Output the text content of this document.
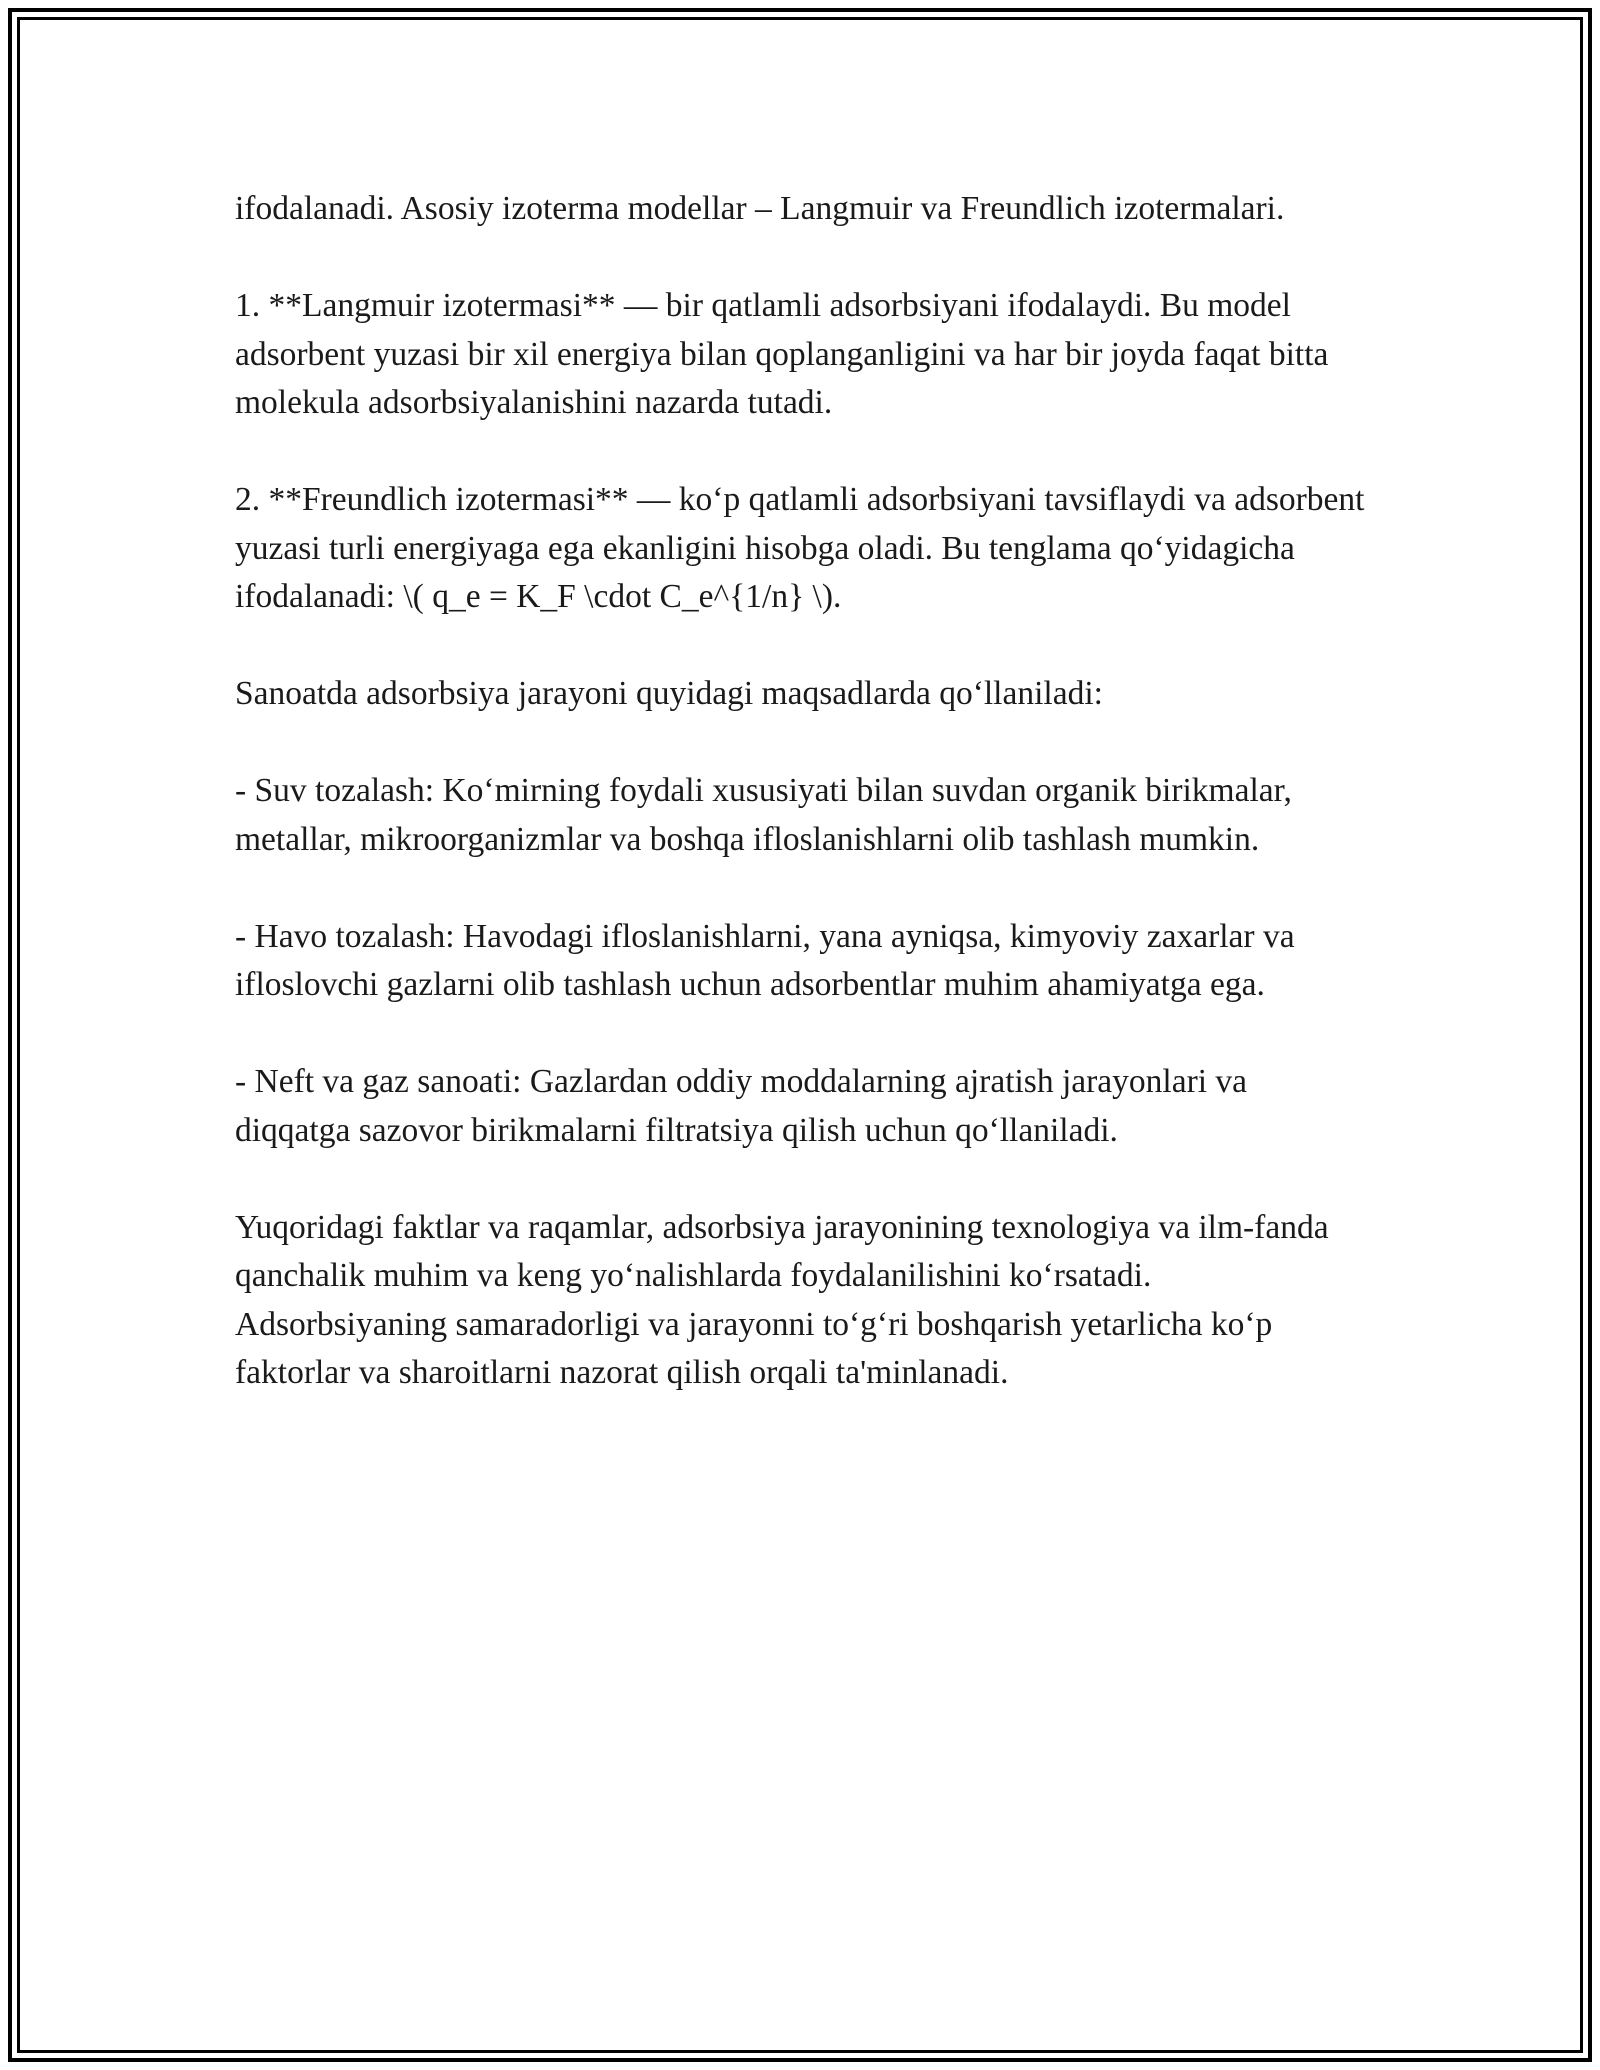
ifodalanadi. Asosiy izoterma modellar – Langmuir va Freundlich izotermalari.

1. **Langmuir izotermasi** — bir qatlamli adsorbsiyani ifodalaydi. Bu model adsorbent yuzasi bir xil energiya bilan qoplanganligini va har bir joyda faqat bitta molekula adsorbsiyalanishini nazarda tutadi.

2. **Freundlich izotermasi** — ko‘p qatlamli adsorbsiyani tavsiflaydi va adsorbent yuzasi turli energiyaga ega ekanligini hisobga oladi. Bu tenglama qo‘yidagicha ifodalanadi: \( q_e = K_F \cdot C_e^{1/n} \).

Sanoatda adsorbsiya jarayoni quyidagi maqsadlarda qo‘llaniladi:

- Suv tozalash: Ko‘mirning foydali xususiyati bilan suvdan organik birikmalar, metallar, mikroorganizmlar va boshqa ifloslanishlarni olib tashlash mumkin.

- Havo tozalash: Havodagi ifloslanishlarni, yana ayniqsa, kimyoviy zaxarlar va ifloslovchi gazlarni olib tashlash uchun adsorbentlar muhim ahamiyatga ega.

- Neft va gaz sanoati: Gazlardan oddiy moddalarning ajratish jarayonlari va diqqatga sazovor birikmalarni filtratsiya qilish uchun qo‘llaniladi.

Yuqoridagi faktlar va raqamlar, adsorbsiya jarayonining texnologiya va ilm-fanda qanchalik muhim va keng yo‘nalishlarda foydalanilishini ko‘rsatadi. Adsorbsiyaning samaradorligi va jarayonni to‘g‘ri boshqarish yetarlicha ko‘p faktorlar va sharoitlarni nazorat qilish orqali ta'minlanadi.
